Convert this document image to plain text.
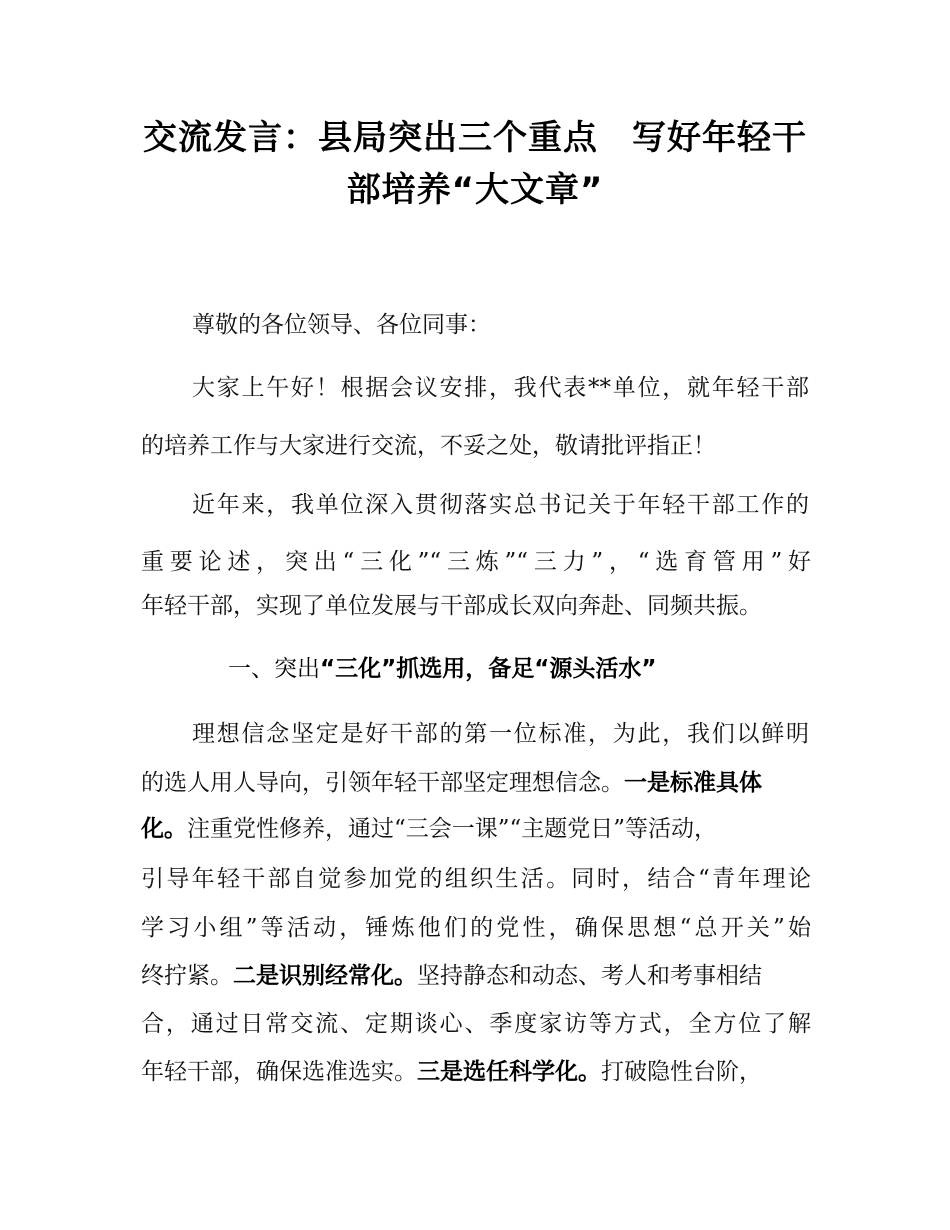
交流发言：县局突出三个重点 写好年轻干
部培养“大文章”
尊敬的各位领导、各位同事：
大家上午好！根据会议安排，我代表**单位，就年轻干部
的培养工作与大家进行交流，不妥之处，敬请批评指正！
近年来，我单位深入贯彻落实总书记关于年轻干部工作的
重要论述，突出“三化”“三炼”“三力”，“选育管用”好
年轻干部，实现了单位发展与干部成长双向奔赴、同频共振。
一、突出“三化”抓选用，备足“源头活水”
理想信念坚定是好干部的第一位标准，为此，我们以鲜明
的选人用人导向，引领年轻干部坚定理想信念。一是标准具体
化。注重党性修养，通过“三会一课”“主题党日”等活动，
引导年轻干部自觉参加党的组织生活。同时，结合“青年理论
学习小组”等活动，锤炼他们的党性，确保思想“总开关”始
终拧紧。二是识别经常化。坚持静态和动态、考人和考事相结
合，通过日常交流、定期谈心、季度家访等方式，全方位了解
年轻干部，确保选准选实。三是选任科学化。打破隐性台阶，
